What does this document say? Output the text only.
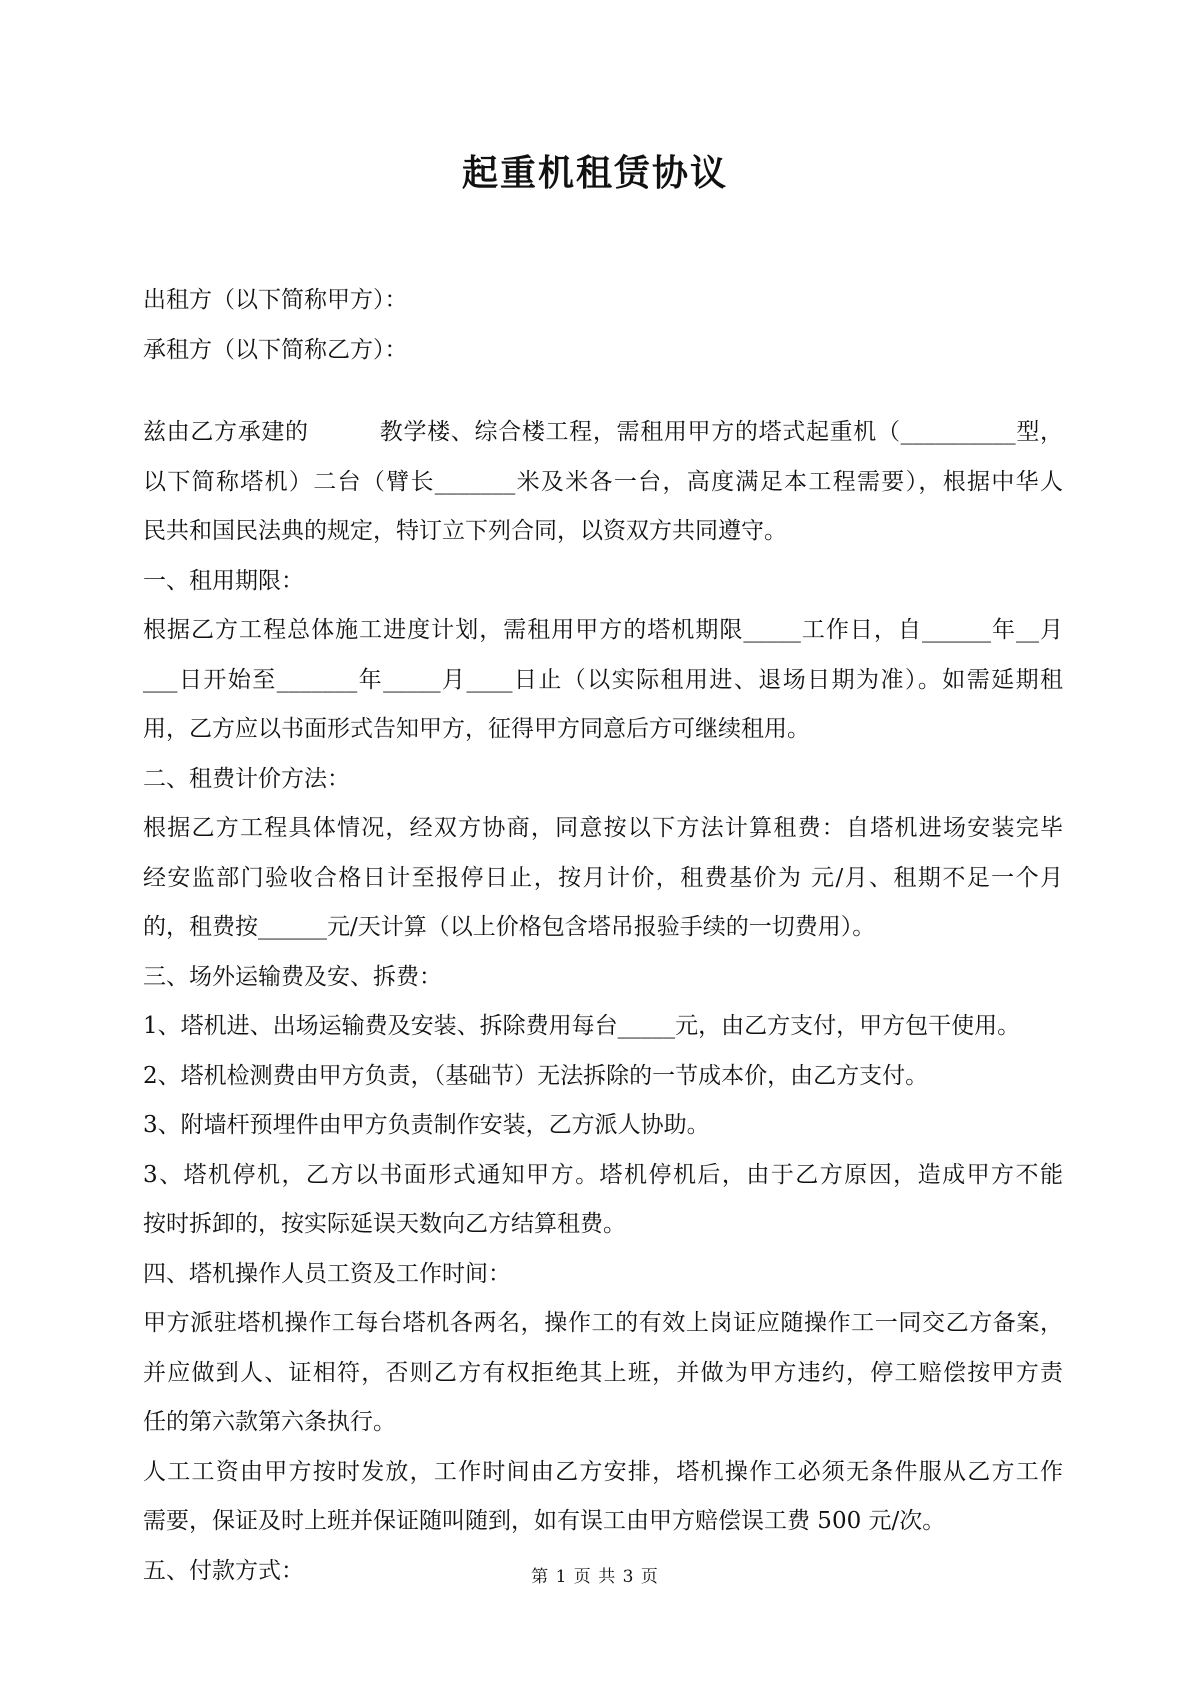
起重机租赁协议
出租方（以下简称甲方）：
承租方（以下简称乙方）：
兹由乙方承建的　　　教学楼、综合楼工程，需租用甲方的塔式起重机（__________型，
以下简称塔机）二台（臂长_______米及米各一台，高度满足本工程需要），根据中华人
民共和国民法典的规定，特订立下列合同，以资双方共同遵守。
一、租用期限：
根据乙方工程总体施工进度计划，需租用甲方的塔机期限_____工作日，自______年__月
___日开始至_______年_____月____日止（以实际租用进、退场日期为准）。如需延期租
用，乙方应以书面形式告知甲方，征得甲方同意后方可继续租用。
二、租费计价方法：
根据乙方工程具体情况，经双方协商，同意按以下方法计算租费：自塔机进场安装完毕
经安监部门验收合格日计至报停日止，按月计价，租费基价为 元/月、租期不足一个月
的，租费按______元/天计算（以上价格包含塔吊报验手续的一切费用）。
三、场外运输费及安、拆费：
1、塔机进、出场运输费及安装、拆除费用每台_____元，由乙方支付，甲方包干使用。
2、塔机检测费由甲方负责，（基础节）无法拆除的一节成本价，由乙方支付。
3、附墙杆预埋件由甲方负责制作安装，乙方派人协助。
3、塔机停机，乙方以书面形式通知甲方。塔机停机后，由于乙方原因，造成甲方不能
按时拆卸的，按实际延误天数向乙方结算租费。
四、塔机操作人员工资及工作时间：
甲方派驻塔机操作工每台塔机各两名，操作工的有效上岗证应随操作工一同交乙方备案，
并应做到人、证相符，否则乙方有权拒绝其上班，并做为甲方违约，停工赔偿按甲方责
任的第六款第六条执行。
人工工资由甲方按时发放，工作时间由乙方安排，塔机操作工必须无条件服从乙方工作
需要，保证及时上班并保证随叫随到，如有误工由甲方赔偿误工费 500 元/次。
五、付款方式：	第 1 页 共 3 页
